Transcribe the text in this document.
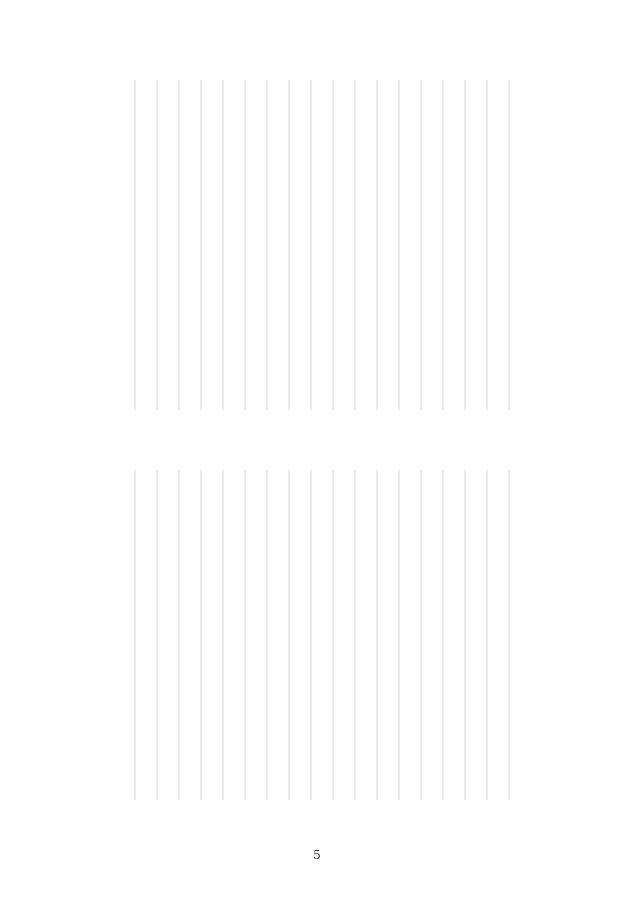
5
